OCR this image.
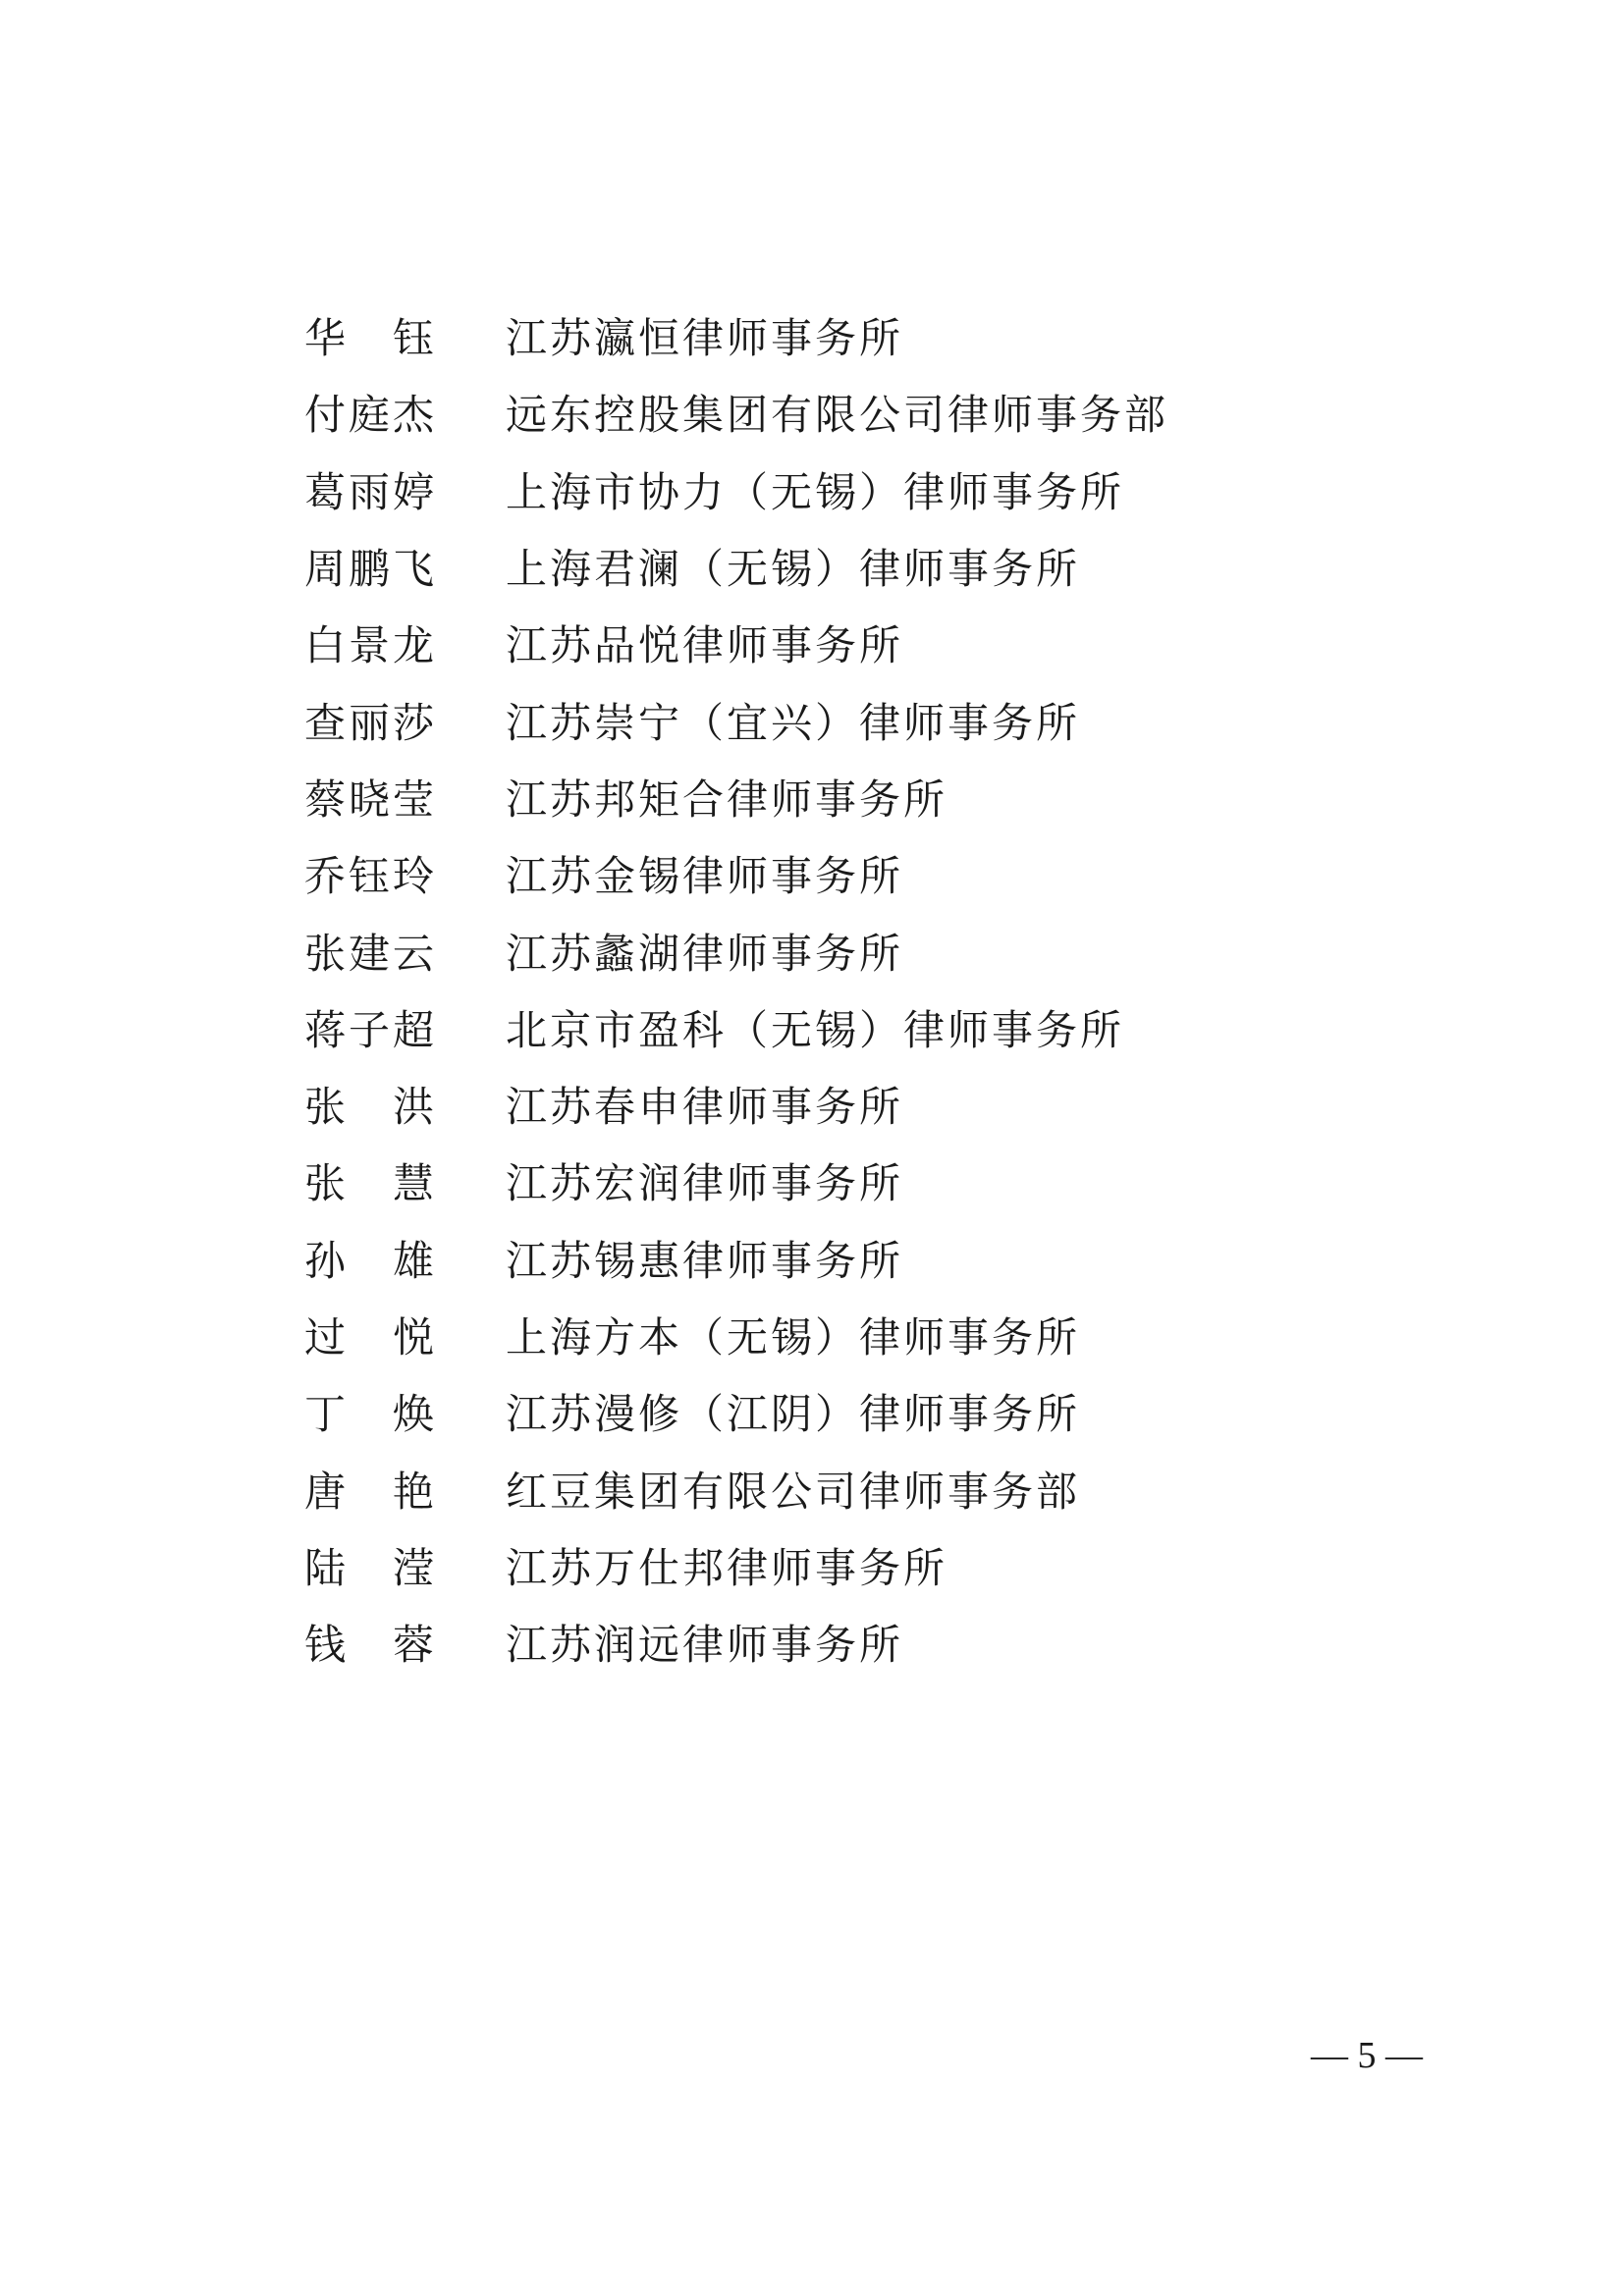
华 钰 江苏瀛恒律师事务所
付 庭 杰 远东控股集团有限公司律师事务部
葛 雨 婷 上海市协力（无锡）律师事务所
周 鹏 飞 上海君澜（无锡）律师事务所
白 景 龙 江苏品悦律师事务所
查 丽 莎 江苏崇宁（宜兴）律师事务所
蔡 晓 莹 江苏邦矩合律师事务所
乔 钰 玲 江苏金锡律师事务所
张 建 云 江苏蠡湖律师事务所
蒋 子 超 北京市盈科（无锡）律师事务所
张 洪 江苏春申律师事务所
张 慧 江苏宏润律师事务所
孙 雄 江苏锡惠律师事务所
过 悦 上海方本（无锡）律师事务所
丁 焕 江苏漫修（江阴）律师事务所
唐 艳 红豆集团有限公司律师事务部
陆 滢 江苏万仕邦律师事务所
钱 蓉 江苏润远律师事务所
— 5 —
